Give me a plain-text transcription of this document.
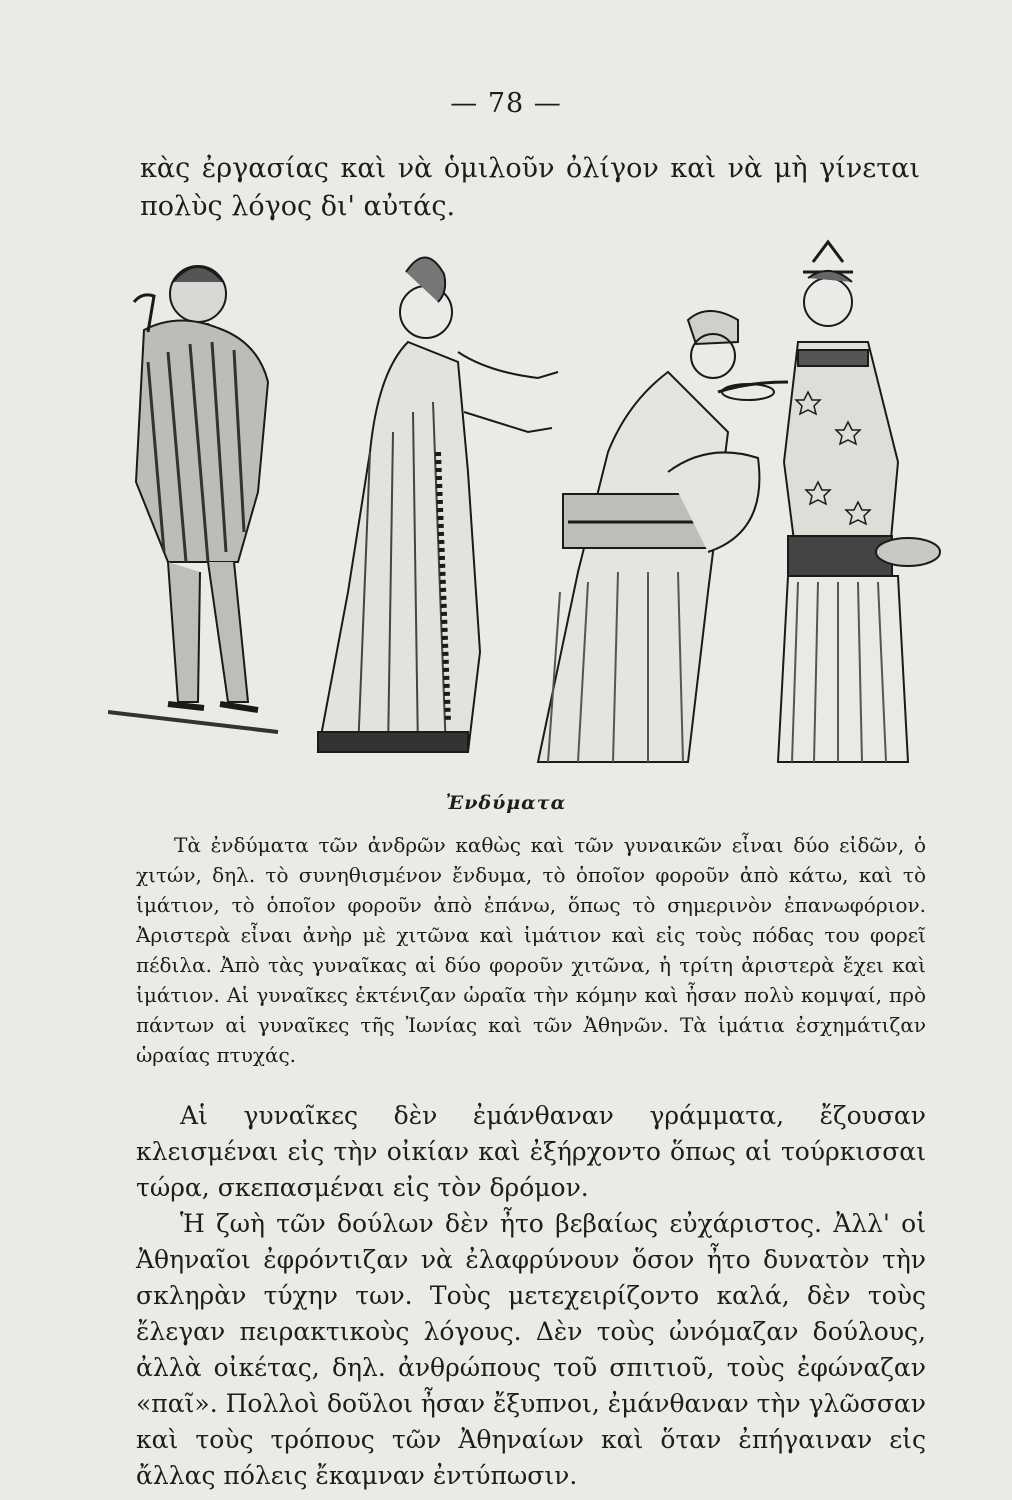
— 78 —
κὰς ἐργασίας καὶ νὰ ὁμιλοῦν ὀλίγον καὶ νὰ μὴ γίνεται πολὺς λόγος δι' αὐτάς.
Ἐνδύματα

Τὰ ἐνδύματα τῶν ἀνδρῶν καθὼς καὶ τῶν γυναικῶν εἶναι δύο εἰδῶν, ὁ χιτών, δηλ. τὸ συνηθισμένον ἔνδυμα, τὸ ὁποῖον φοροῦν ἀπὸ κάτω, καὶ τὸ ἱμάτιον, τὸ ὁποῖον φοροῦν ἀπὸ ἐπάνω, ὅπως τὸ σημερινὸν ἐπανωφόριον. Ἀριστερὰ εἶναι ἀνὴρ μὲ χιτῶνα καὶ ἱμάτιον καὶ εἰς τοὺς πόδας του φορεῖ πέδιλα. Ἀπὸ τὰς γυναῖκας αἱ δύο φοροῦν χιτῶνα, ἡ τρίτη ἀριστερὰ ἔχει καὶ ἱμάτιον. Αἱ γυναῖκες ἐκτένιζαν ὡραῖα τὴν κόμην καὶ ἦσαν πολὺ κομψαί, πρὸ πάντων αἱ γυναῖκες τῆς Ἰωνίας καὶ τῶν Ἀθηνῶν. Τὰ ἱμάτια ἐσχημάτιζαν ὡραίας πτυχάς.

Αἱ γυναῖκες δὲν ἐμάνθαναν γράμματα, ἔζουσαν κλεισμέναι εἰς τὴν οἰκίαν καὶ ἐξήρχοντο ὅπως αἱ τούρκισσαι τώρα, σκεπασμέναι εἰς τὸν δρόμον.

Ἡ ζωὴ τῶν δούλων δὲν ἦτο βεβαίως εὐχάριστος. Ἀλλ' οἱ Ἀθηναῖοι ἐφρόντιζαν νὰ ἐλαφρύνουν ὅσον ἦτο δυνατὸν τὴν σκληρὰν τύχην των. Τοὺς μετεχειρίζοντο καλά, δὲν τοὺς ἔλεγαν πειρακτικοὺς λόγους. Δὲν τοὺς ὠνόμαζαν δούλους, ἀλλὰ οἰκέτας, δηλ. ἀνθρώπους τοῦ σπιτιοῦ, τοὺς ἐφώναζαν «παῖ». Πολλοὶ δοῦλοι ἦσαν ἔξυπνοι, ἐμάνθαναν τὴν γλῶσσαν καὶ τοὺς τρόπους τῶν Ἀθηναίων καὶ ὅταν ἐπήγαιναν εἰς ἄλλας πόλεις ἔκαμναν ἐντύπωσιν.
